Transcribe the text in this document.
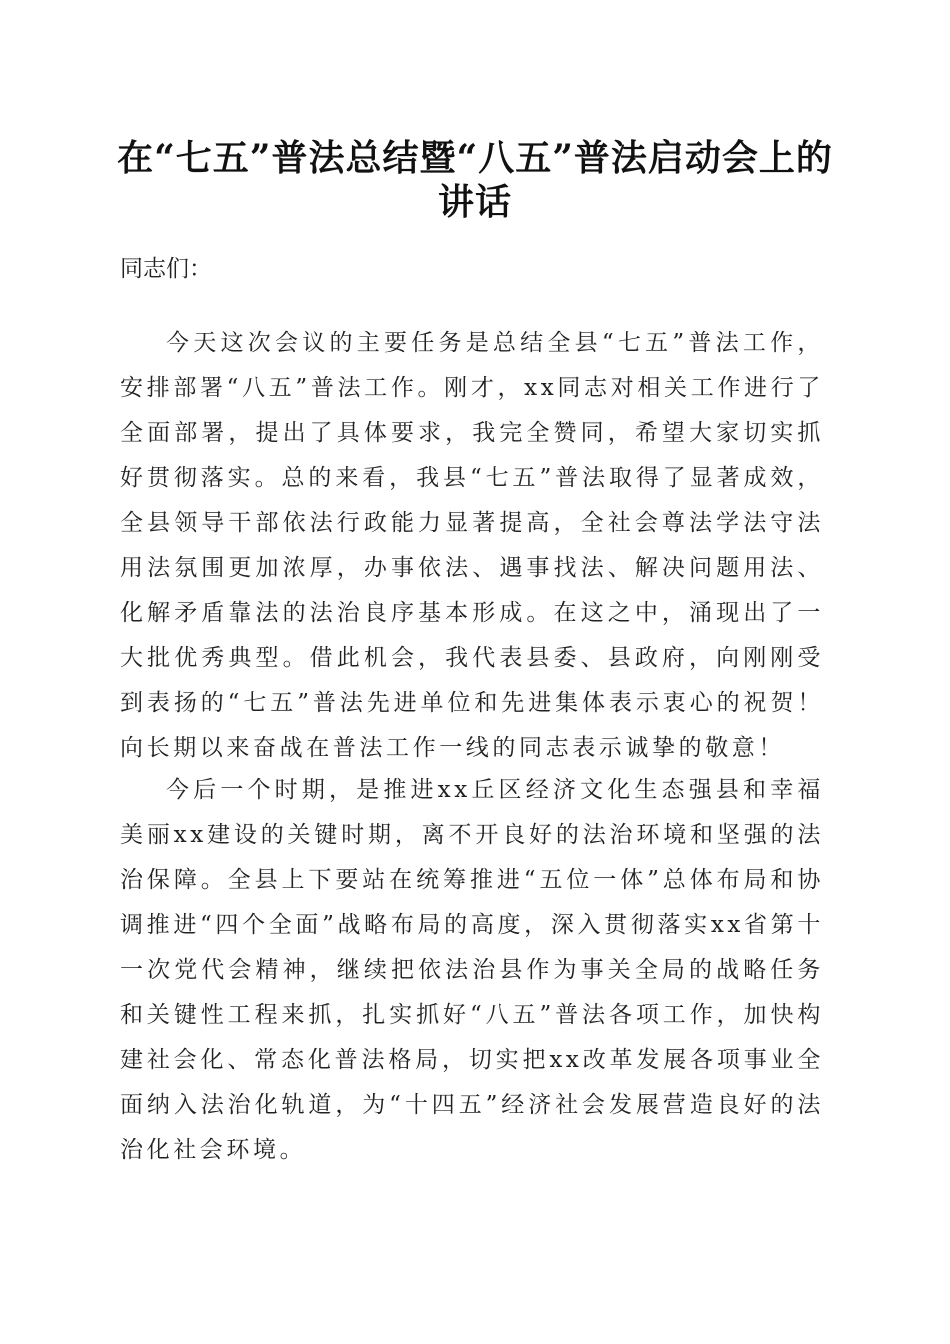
在“七五”普法总结暨“八五”普法启动会上的讲话

同志们：

今天这次会议的主要任务是总结全县“七五”普法工作，安排部署“八五”普法工作。刚才，xx同志对相关工作进行了全面部署，提出了具体要求，我完全赞同，希望大家切实抓好贯彻落实。总的来看，我县“七五”普法取得了显著成效，全县领导干部依法行政能力显著提高，全社会尊法学法守法用法氛围更加浓厚，办事依法、遇事找法、解决问题用法、化解矛盾靠法的法治良序基本形成。在这之中，涌现出了一大批优秀典型。借此机会，我代表县委、县政府，向刚刚受到表扬的“七五”普法先进单位和先进集体表示衷心的祝贺！向长期以来奋战在普法工作一线的同志表示诚挚的敬意！

今后一个时期，是推进xx丘区经济文化生态强县和幸福美丽xx建设的关键时期，离不开良好的法治环境和坚强的法治保障。全县上下要站在统筹推进“五位一体”总体布局和协调推进“四个全面”战略布局的高度，深入贯彻落实xx省第十一次党代会精神，继续把依法治县作为事关全局的战略任务和关键性工程来抓，扎实抓好“八五”普法各项工作，加快构建社会化、常态化普法格局，切实把xx改革发展各项事业全面纳入法治化轨道，为“十四五”经济社会发展营造良好的法治化社会环境。
